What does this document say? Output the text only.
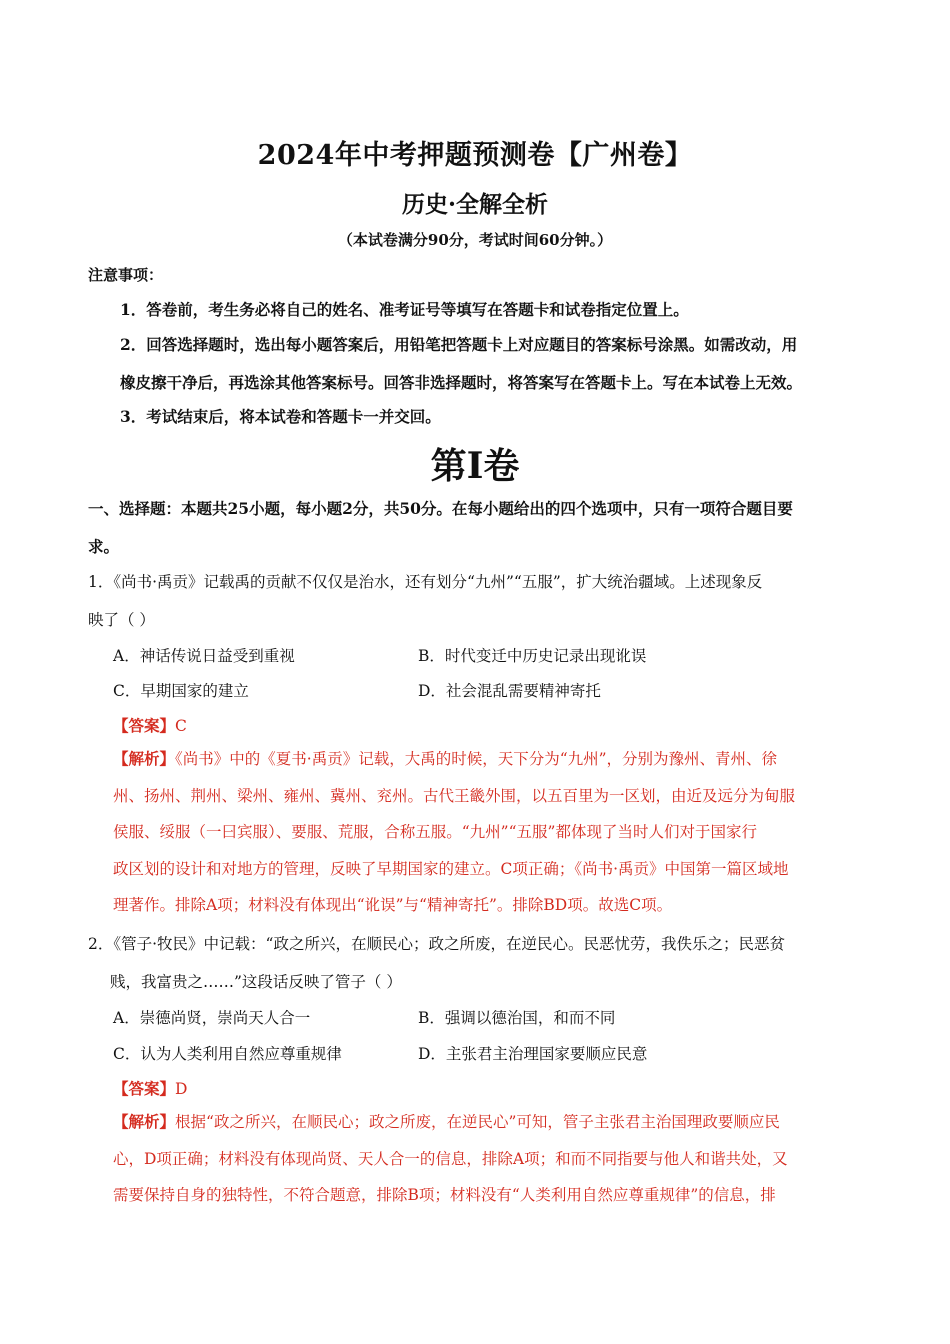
2024年中考押题预测卷【广州卷】
历史·全解全析
（本试卷满分90分，考试时间60分钟。）
注意事项：
1．答卷前，考生务必将自己的姓名、准考证号等填写在答题卡和试卷指定位置上。
2．回答选择题时，选出每小题答案后，用铅笔把答题卡上对应题目的答案标号涂黑。如需改动，用
橡皮擦干净后，再选涂其他答案标号。回答非选择题时，将答案写在答题卡上。写在本试卷上无效。
3．考试结束后，将本试卷和答题卡一并交回。
第I卷
一、选择题：本题共25小题，每小题2分，共50分。在每小题给出的四个选项中，只有一项符合题目要
求。
1．《尚书·禹贡》记载禹的贡献不仅仅是治水，还有划分“九州”“五服”，扩大统治疆域。上述现象反
映了（ ）
A．神话传说日益受到重视	B．时代变迁中历史记录出现讹误
C．早期国家的建立	D．社会混乱需要精神寄托
【答案】C
【解析】《尚书》中的《夏书·禹贡》记载，大禹的时候，天下分为“九州”，分别为豫州、青州、徐
州、扬州、荆州、梁州、雍州、冀州、兖州。古代王畿外围，以五百里为一区划，由近及远分为甸服
侯服、绥服（一曰宾服）、要服、荒服，合称五服。“九州”“五服”都体现了当时人们对于国家行
政区划的设计和对地方的管理，反映了早期国家的建立。C项正确；《尚书·禹贡》中国第一篇区域地
理著作。排除A项；材料没有体现出“讹误”与“精神寄托”。排除BD项。故选C项。
2．《管子·牧民》中记载：“政之所兴，在顺民心；政之所废，在逆民心。民恶忧劳，我佚乐之；民恶贫
贱，我富贵之……”这段话反映了管子（ ）
A．崇德尚贤，崇尚天人合一	B．强调以德治国，和而不同
C．认为人类利用自然应尊重规律	D．主张君主治理国家要顺应民意
【答案】D
【解析】根据“政之所兴，在顺民心；政之所废，在逆民心”可知，管子主张君主治国理政要顺应民
心，D项正确；材料没有体现尚贤、天人合一的信息，排除A项；和而不同指要与他人和谐共处，又
需要保持自身的独特性，不符合题意，排除B项；材料没有“人类利用自然应尊重规律”的信息，排
